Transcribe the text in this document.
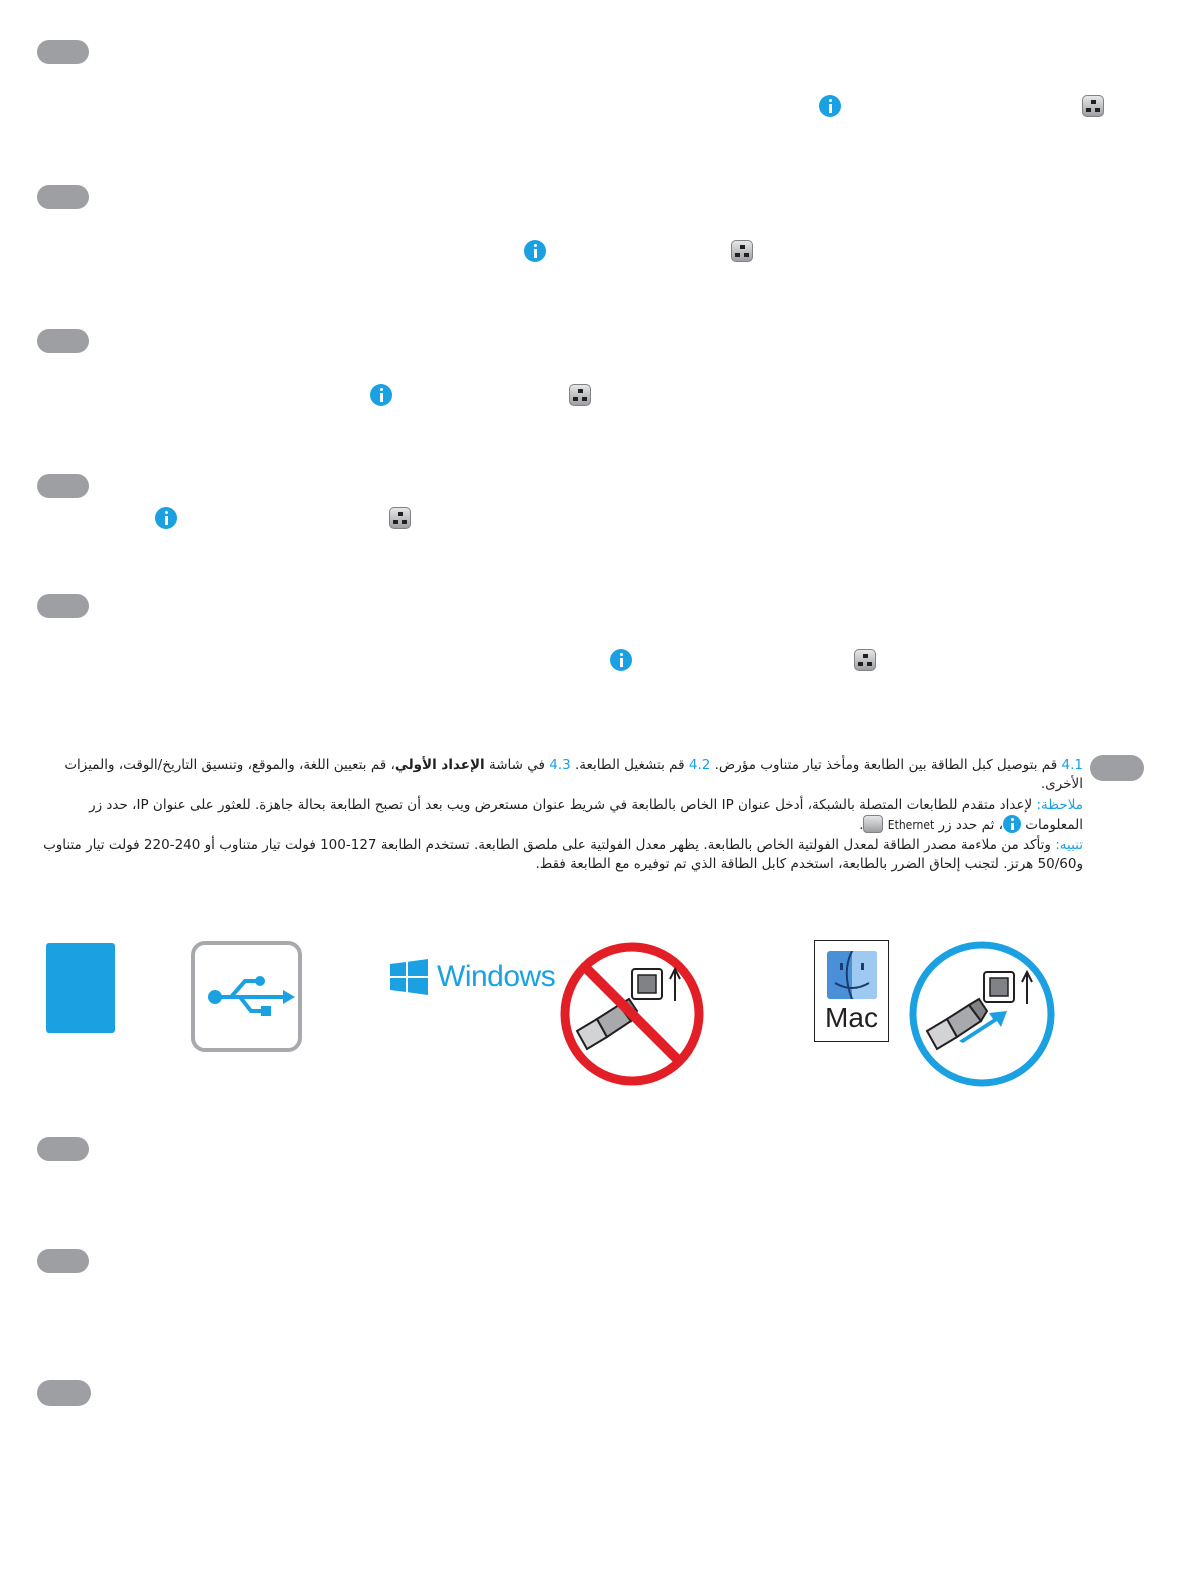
4.1 قم بتوصيل كبل الطاقة بين الطابعة ومأخذ تيار متناوب مؤرض. 4.2 قم بتشغيل الطابعة. 4.3 في شاشة الإعداد الأولي، قم بتعيين اللغة، والموقع، وتنسيق التاريخ/الوقت، والميزات الأخرى.
ملاحظة: لإعداد متقدم للطابعات المتصلة بالشبكة، أدخل عنوان IP الخاص بالطابعة في شريط عنوان مستعرض ويب بعد أن تصبح الطابعة بحالة جاهزة. للعثور على عنوان IP، حدد زر المعلومات ، ثم حدد زر Ethernet .
تنبيه: وتأكد من ملاءمة مصدر الطاقة لمعدل الفولتية الخاص بالطابعة. يظهر معدل الفولتية على ملصق الطابعة. تستخدم الطابعة 127-100 فولت تيار متناوب أو 240-220 فولت تيار متناوب و50/60 هرتز. لتجنب إلحاق الضرر بالطابعة، استخدم كابل الطاقة الذي تم توفيره مع الطابعة فقط.
Windows
Mac
